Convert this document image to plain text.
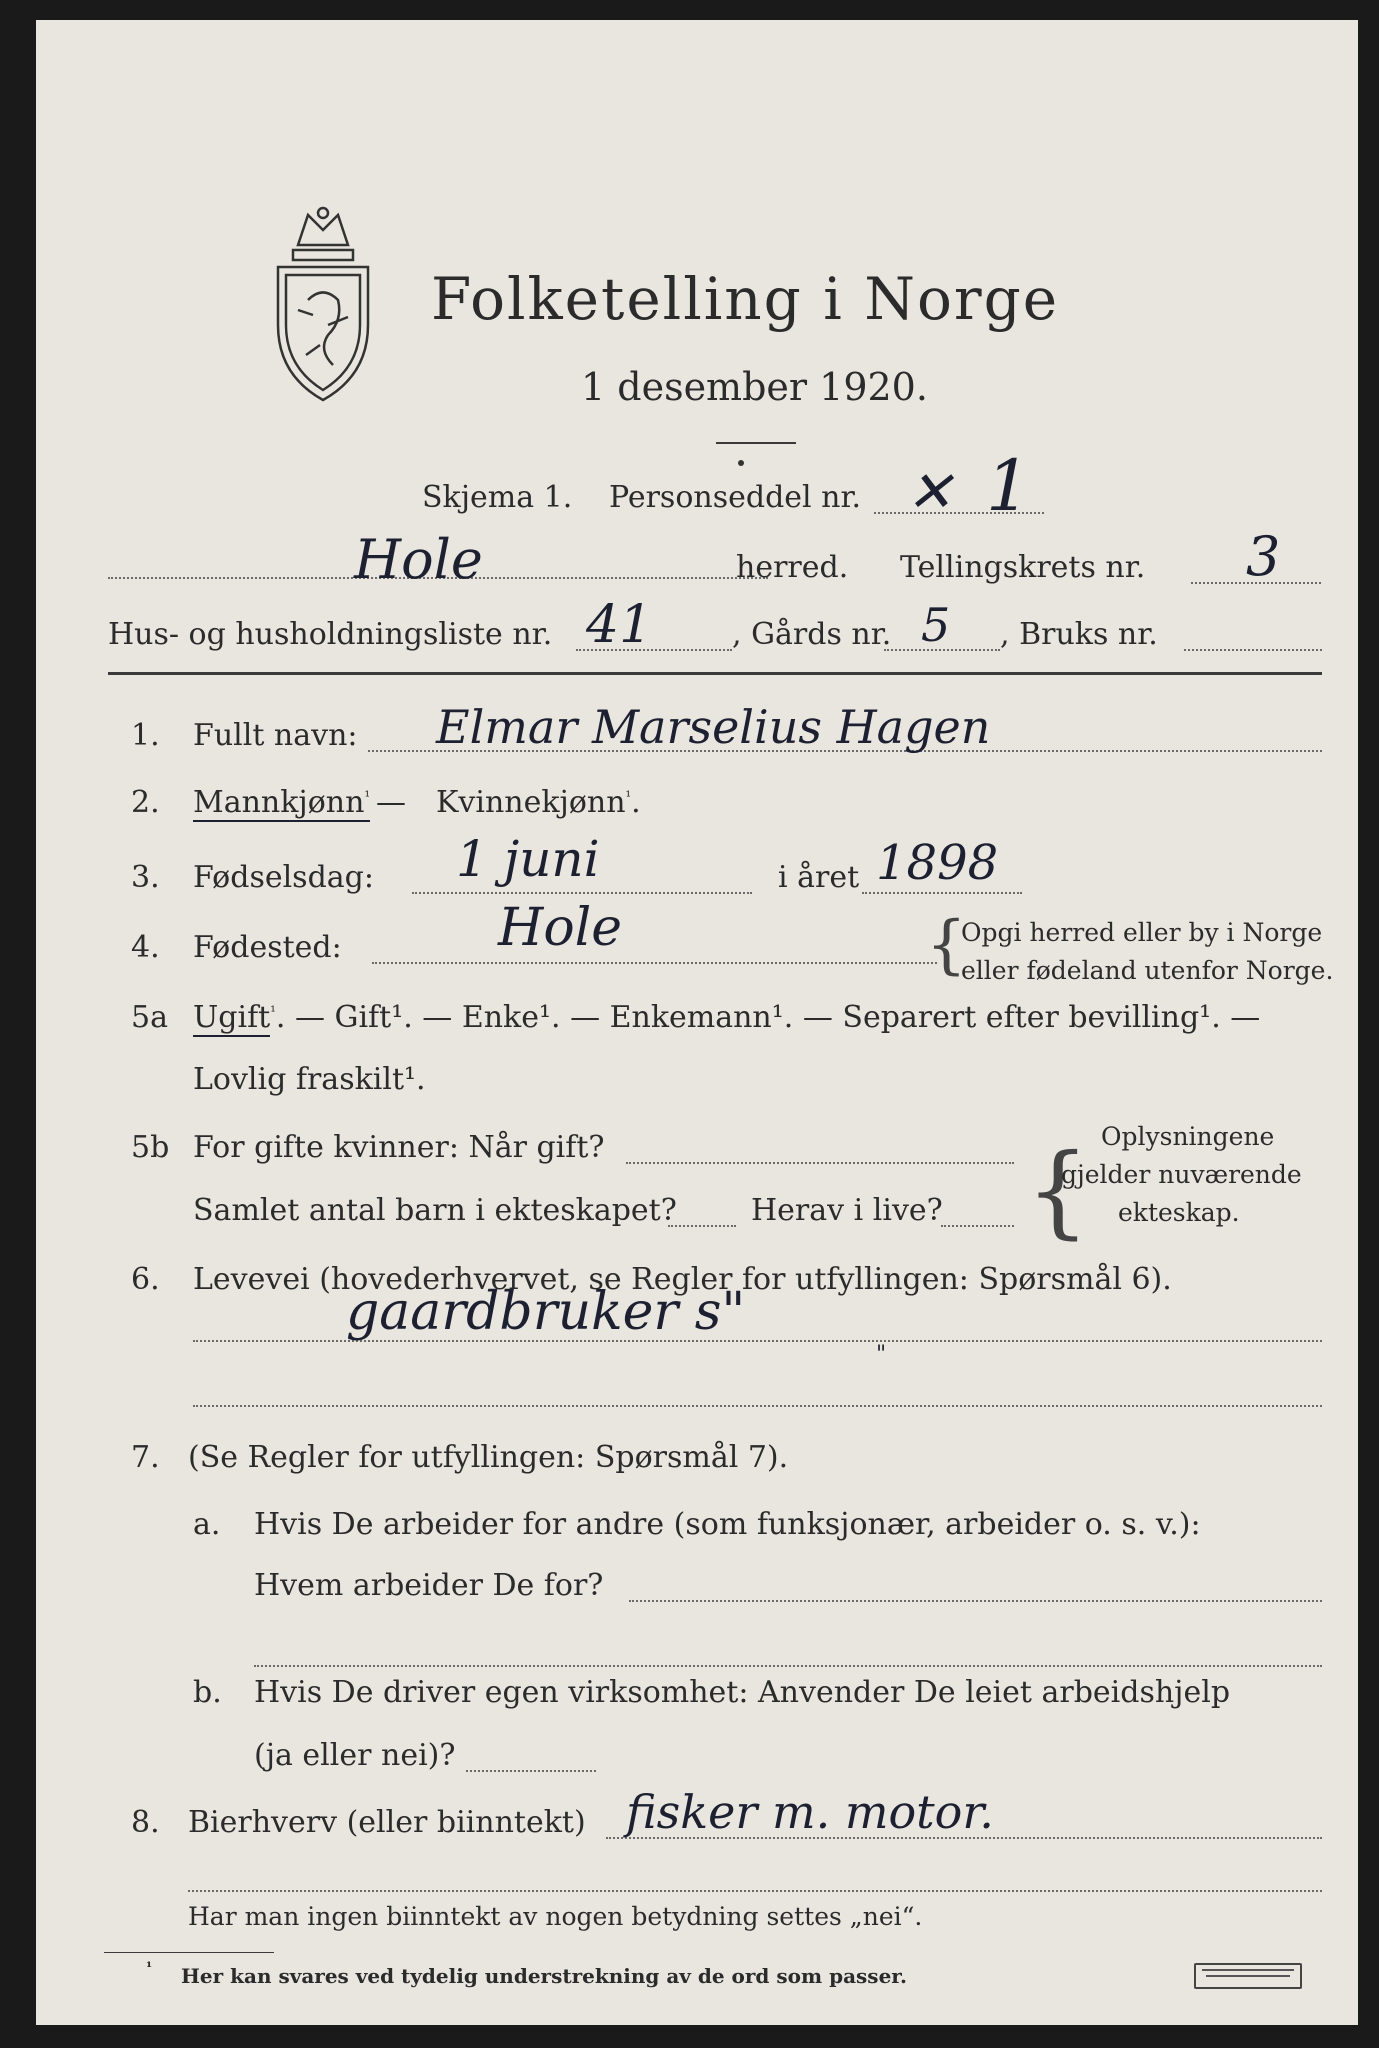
Folketelling i Norge
1 desember 1920.
Skjema 1. Personseddel nr. ✕ 1
Hole	herred. Tellingskrets nr. 3
Hus- og husholdningsliste nr. 41	, Gårds nr. 5 , Bruks nr.
1. Fullt navn: Elmar Marselius Hagen
2. Mannkjønn$^{^1}$ — Kvinnekjønn$^{^1}$.
3. Fødselsdag: 1 juni	i året 1898
4. Fødested:	Hole	{
Opgi herred eller by i Norge
eller fødeland utenfor Norge.
5a Ugift$^{^1}$. — Gift¹. — Enke¹. — Enkemann¹. — Separert efter bevilling¹. —
Lovlig fraskilt¹.
5b For gifte kvinner: Når gift?
Samlet antal barn i ekteskapet? Herav i live? { Oplysningene
gjelder nuværende
ekteskap.
6. Levevei (hovederhvervet, se Regler for utfyllingen: Spørsmål 6).
gaardbruker s"
"
7. (Se Regler for utfyllingen: Spørsmål 7).
a. Hvis De arbeider for andre (som funksjonær, arbeider o. s. v.):
Hvem arbeider De for?
b. Hvis De driver egen virksomhet: Anvender De leiet arbeidshjelp
(ja eller nei)?
8. Bierhverv (eller biinntekt) fisker m. motor.
Har man ingen biinntekt av nogen betydning settes „nei“.
¹ Her kan svares ved tydelig understrekning av de ord som passer.
